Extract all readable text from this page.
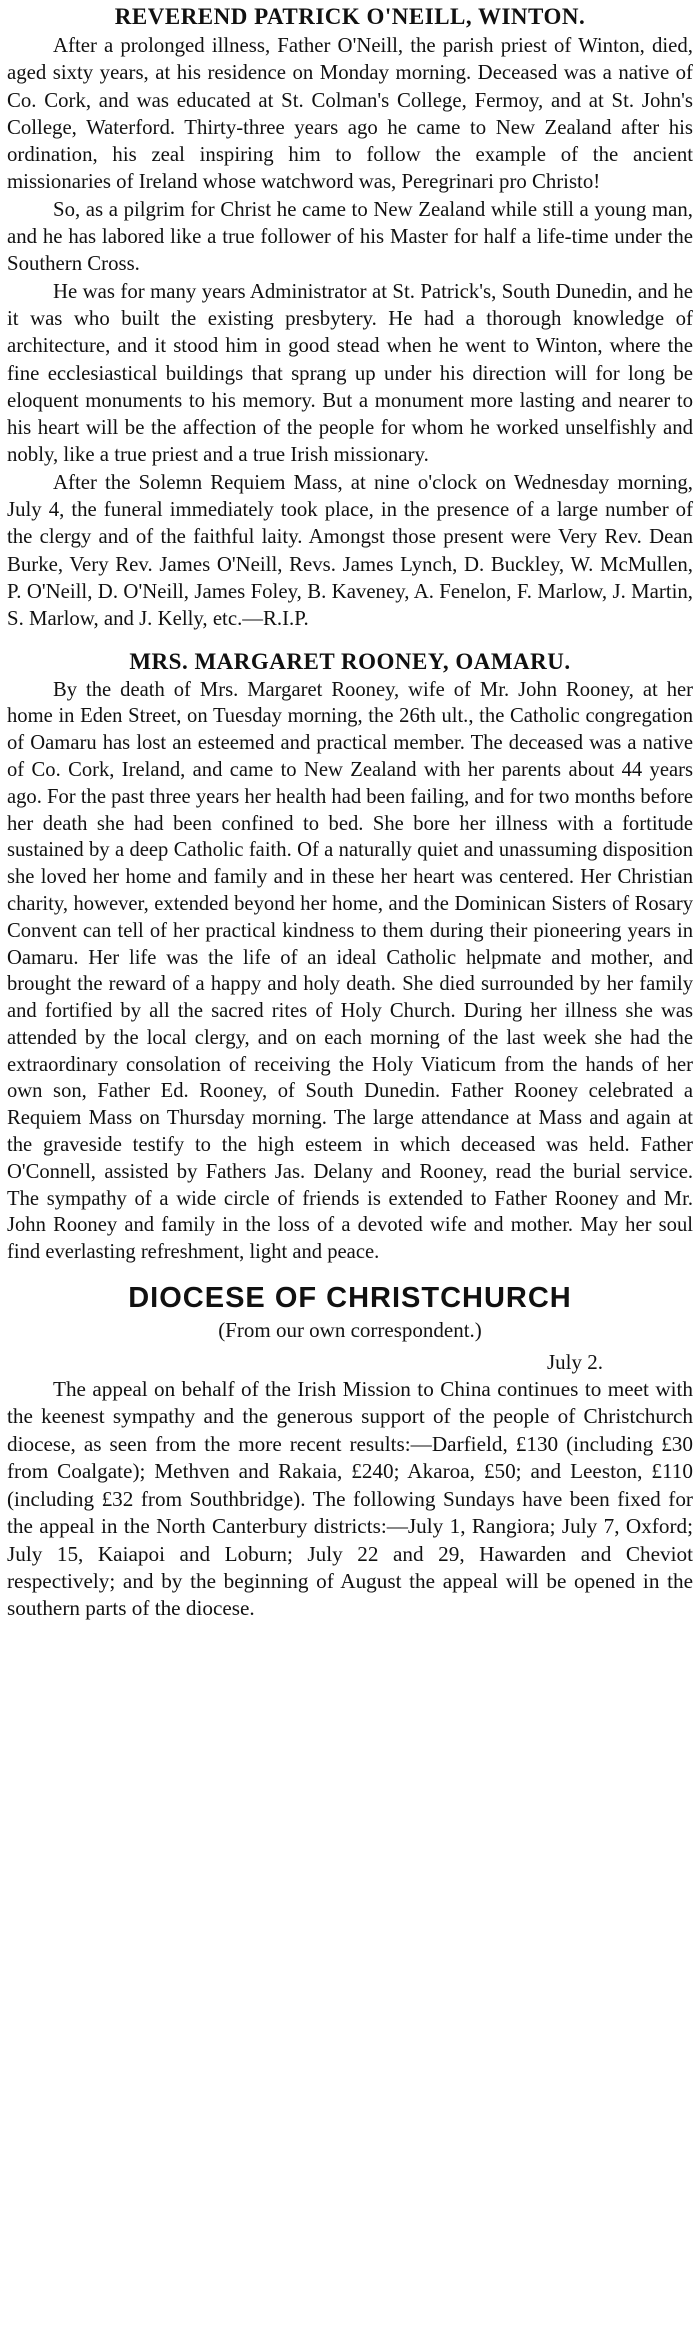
REVEREND PATRICK O'NEILL, WINTON.

After a prolonged illness, Father O'Neill, the parish priest of Winton, died, aged sixty years, at his residence on Monday morning. Deceased was a native of Co. Cork, and was educated at St. Colman's College, Fermoy, and at St. John's College, Waterford. Thirty-three years ago he came to New Zealand after his ordination, his zeal inspiring him to follow the example of the ancient missionaries of Ireland whose watchword was, Peregrinari pro Christo!

So, as a pilgrim for Christ he came to New Zealand while still a young man, and he has labored like a true follower of his Master for half a life-time under the Southern Cross.

He was for many years Administrator at St. Patrick's, South Dunedin, and he it was who built the existing presbytery. He had a thorough knowledge of architecture, and it stood him in good stead when he went to Winton, where the fine ecclesiastical buildings that sprang up under his direction will for long be eloquent monuments to his memory. But a monument more lasting and nearer to his heart will be the affection of the people for whom he worked unselfishly and nobly, like a true priest and a true Irish missionary.

After the Solemn Requiem Mass, at nine o'clock on Wednesday morning, July 4, the funeral immediately took place, in the presence of a large number of the clergy and of the faithful laity. Amongst those present were Very Rev. Dean Burke, Very Rev. James O'Neill, Revs. James Lynch, D. Buckley, W. McMullen, P. O'Neill, D. O'Neill, James Foley, B. Kaveney, A. Fenelon, F. Marlow, J. Martin, S. Marlow, and J. Kelly, etc.—R.I.P.

MRS. MARGARET ROONEY, OAMARU.

By the death of Mrs. Margaret Rooney, wife of Mr. John Rooney, at her home in Eden Street, on Tuesday morning, the 26th ult., the Catholic congregation of Oamaru has lost an esteemed and practical member. The deceased was a native of Co. Cork, Ireland, and came to New Zealand with her parents about 44 years ago. For the past three years her health had been failing, and for two months before her death she had been confined to bed. She bore her illness with a fortitude sustained by a deep Catholic faith. Of a naturally quiet and unassuming disposition she loved her home and family and in these her heart was centered. Her Christian charity, however, extended beyond her home, and the Dominican Sisters of Rosary Convent can tell of her practical kindness to them during their pioneering years in Oamaru. Her life was the life of an ideal Catholic helpmate and mother, and brought the reward of a happy and holy death. She died surrounded by her family and fortified by all the sacred rites of Holy Church. During her illness she was attended by the local clergy, and on each morning of the last week she had the extraordinary consolation of receiving the Holy Viaticum from the hands of her own son, Father Ed. Rooney, of South Dunedin. Father Rooney celebrated a Requiem Mass on Thursday morning. The large attendance at Mass and again at the graveside testify to the high esteem in which deceased was held. Father O'Connell, assisted by Fathers Jas. Delany and Rooney, read the burial service. The sympathy of a wide circle of friends is extended to Father Rooney and Mr. John Rooney and family in the loss of a devoted wife and mother. May her soul find everlasting refreshment, light and peace.

DIOCESE OF CHRISTCHURCH

(From our own correspondent.)

July 2.

The appeal on behalf of the Irish Mission to China continues to meet with the keenest sympathy and the generous support of the people of Christchurch diocese, as seen from the more recent results:—Darfield, £130 (including £30 from Coalgate); Methven and Rakaia, £240; Akaroa, £50; and Leeston, £110 (including £32 from Southbridge). The following Sundays have been fixed for the appeal in the North Canterbury districts:—July 1, Rangiora; July 7, Oxford; July 15, Kaiapoi and Loburn; July 22 and 29, Hawarden and Cheviot respectively; and by the beginning of August the appeal will be opened in the southern parts of the diocese.
